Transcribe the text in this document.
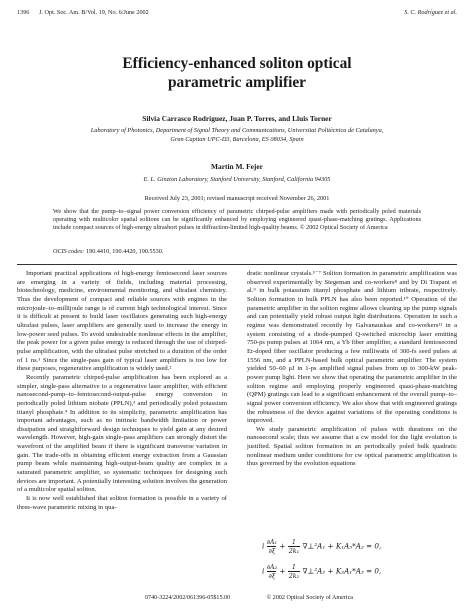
1396	J. Opt. Soc. Am. B/Vol. 19, No. 6/June 2002	S. C. Rodríguez et al.
Efficiency-enhanced soliton optical
parametric amplifier
Silvia Carrasco Rodríguez, Juan P. Torres, and Lluis Torner
Laboratory of Photonics, Department of Signal Theory and Communications, Universitat Politècnica de Catalunya,
Gran Capitan UPC-D3, Barcelona, ES 08034, Spain
Martin M. Fejer
E. L. Ginzton Laboratory, Stanford University, Stanford, California 94305
Received July 23, 2001; revised manuscript received November 26, 2001
We show that the pump–to–signal power conversion efficiency of parametric chirped-pulse amplifiers made with periodically poled materials operating with multicolor spatial solitons can be significantly enhanced by employing engineered quasi-phase-matching gratings. Applications include compact sources of high-energy ultrashort pulses in diffraction-limited high-quality beams. © 2002 Optical Society of America
OCIS codes: 190.4410, 190.4420, 190.5530.

Important practical applications of high-energy femtosecond laser sources are emerging in a variety of fields, including material processing, biotechnology, medicine, environmental monitoring, and ultrafast chemistry. Thus the development of compact and reliable sources with engines in the microjoule–to–millijoule range is of current high technological interest. Since it is difficult at present to build laser oscillators generating such high-energy ultrafast pulses, laser amplifiers are generally used to increase the energy in low-power seed pulses. To avoid undesirable nonlinear effects in the amplifier, the peak power for a given pulse energy is reduced through the use of chirped-pulse amplification, with the ultrafast pulse stretched to a duration of the order of 1 ns.¹ Since the single-pass gain of typical laser amplifiers is too low for these purposes, regenerative amplification is widely used.²

Recently parametric chirped-pulse amplification has been explored as a simpler, single-pass alternative to a regenerative laser amplifier, with efficient nanosecond-pump–to–femtosecond-output-pulse energy conversion in periodically poled lithium niobate (PPLN),³ and periodically poled potassium titanyl phosphate.⁴ In addition to its simplicity, parametric amplification has important advantages, such as no intrinsic bandwidth limitation or power dissipation and straightforward design techniques to yield gain at any desired wavelength. However, high-gain single-pass amplifiers can strongly distort the wavefront of the amplified beam if there is significant transverse variation in gain. The trade-offs in obtaining efficient energy extraction from a Gaussian pump beam while maintaining high-output-beam quality are complex in a saturated parametric amplifier, so systematic techniques for designing such devices are important. A potentially interesting solution involves the generation of a multicolor spatial soliton.

It is now well established that soliton formation is possible in a variety of three-wave parametric mixing in qua-

dratic nonlinear crystals.⁵⁻⁷ Soliton formation in parametric amplification was observed experimentally by Stegeman and co-workers⁸ and by Di Trapani et al.⁹ in bulk potassium titanyl phosphate and lithium tribrate, respectively. Soliton formation in bulk PPLN has also been reported.¹⁰ Operation of the parametric amplifier in the soliton regime allows cleaning up the pump signals and can potentially yield robust output light distributions. Operation in such a regime was demonstrated recently by Galvanauskas and co-workers¹¹ in a system consisting of a diode-pumped Q-switched microchip laser emitting 750-ps pump pulses at 1064 nm, a Yb fiber amplifier, a standard femtosecond Er-doped fiber oscillator producing a few milliwatts of 300-fs seed pulses at 1556 nm, and a PPLN-based bulk optical parametric amplifier. The system yielded 50–60 μJ in 1-ps amplified signal pulses from up to 300-kW peak-power pump light. Here we show that operating the parametric amplifier in the soliton regime and employing properly engineered quasi-phase-matching (QPM) gratings can lead to a significant enhancement of the overall pump–to–signal power conversion efficiency. We also show that with engineered gratings the robustness of the device against variations of the operating conditions is improved.

We study parametric amplification of pulses with durations on the nanosecond scale; thus we assume that a cw model for the light evolution is justified. Spatial soliton formation in an periodically poled bulk quadratic nonlinear medium under conditions for cw optical parametric amplification is thus governed by the evolution equations

i $\frac{\text{∂A₁}}{\partial\xi} + \frac{1}{\text{2k₁}}$ ∇⊥²A₁ + K₁A₃*A₂ = 0,
i $\frac{\text{∂A₂}}{\partial\xi} + \frac{1}{\text{2k₂}}$ ∇⊥²A₂ + K₂A₁*A₃ = 0,
0740-3224/2002/061396-05$15.00	© 2002 Optical Society of America
